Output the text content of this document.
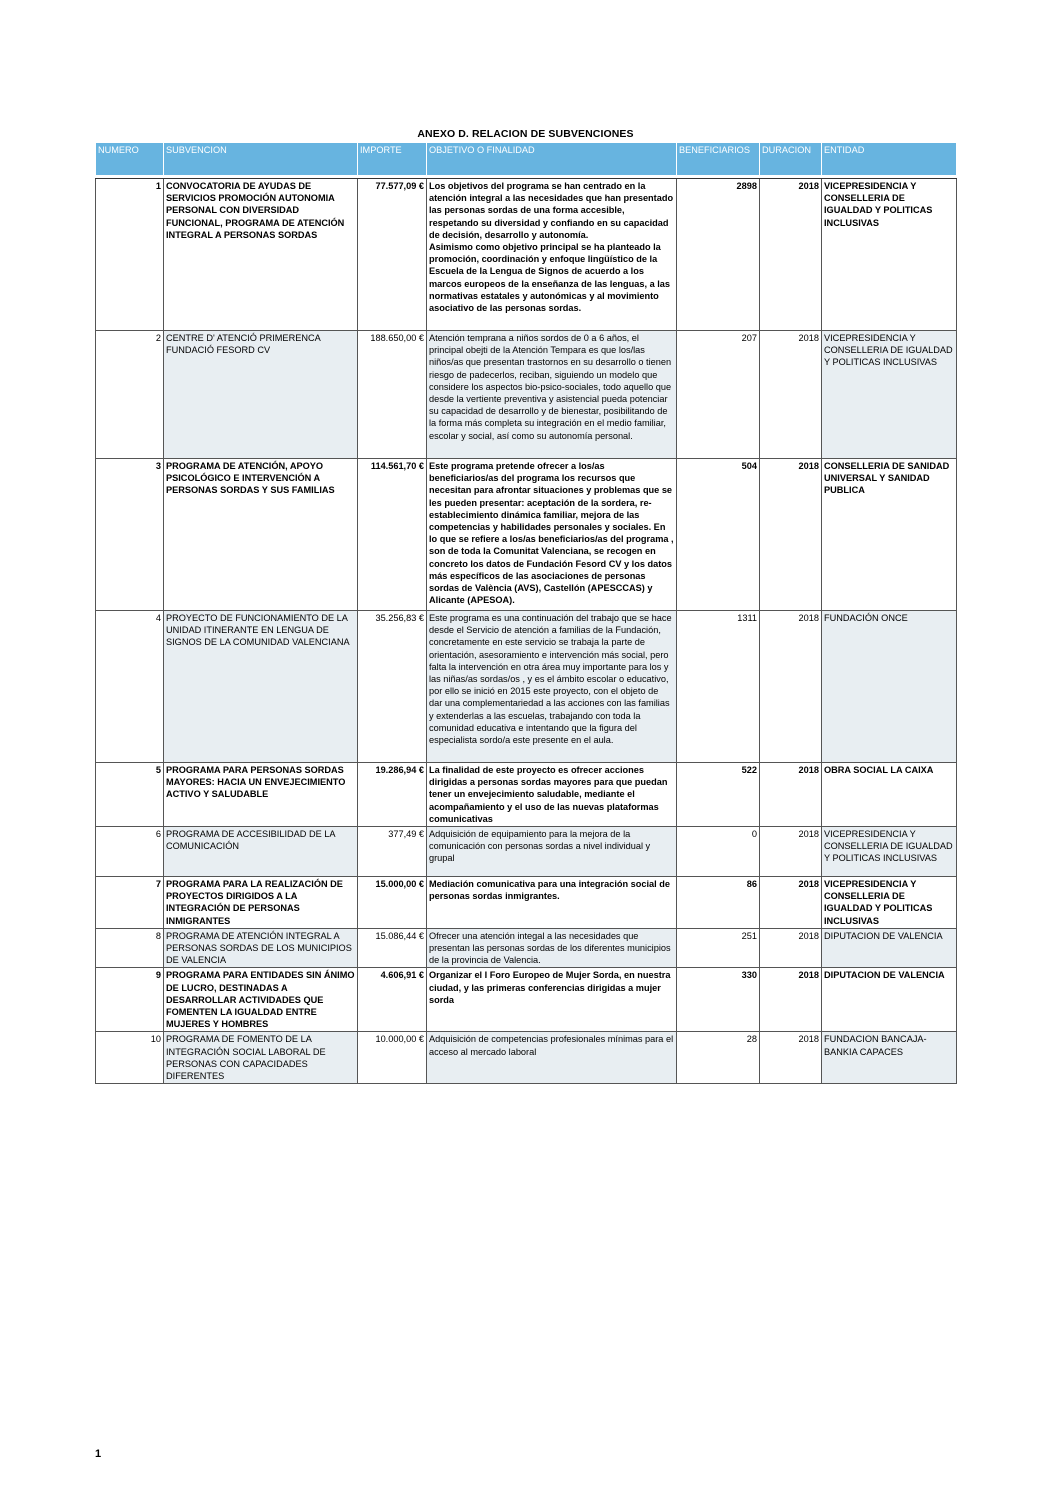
ANEXO D. RELACION DE SUBVENCIONES
NUMERO	SUBVENCION	IMPORTE	OBJETIVO O FINALIDAD	BENEFICIARIOS	DURACION	ENTIDAD

1	CONVOCATORIA DE AYUDAS DE SERVICIOS PROMOCIÓN AUTONOMIA PERSONAL CON DIVERSIDAD FUNCIONAL, PROGRAMA DE ATENCIÓN INTEGRAL A PERSONAS SORDAS	77.577,09 €	Los objetivos del programa se han centrado en la atención integral a las necesidades que han presentado las personas sordas de una forma accesible, respetando su diversidad y confiando en su capacidad de decisión, desarrollo y autonomía.
Asimismo como objetivo principal se ha planteado la promoción, coordinación y enfoque lingüístico de la Escuela de la Lengua de Signos de acuerdo a los marcos europeos de la enseñanza de las lenguas, a las normativas estatales y autonómicas y al movimiento asociativo de las personas sordas.	2898	2018	VICEPRESIDENCIA Y CONSELLERIA DE IGUALDAD Y POLITICAS INCLUSIVAS
2	CENTRE D' ATENCIÓ PRIMERENCA FUNDACIÓ FESORD CV	188.650,00 €	Atención temprana a niños sordos de 0 a 6 años, el principal obejti de la Atención Tempara es que los/las niños/as que presentan trastornos en su desarrollo o tienen riesgo de padecerlos, reciban, siguiendo un modelo que considere los aspectos bio-psico-sociales, todo aquello que desde la vertiente preventiva y asistencial pueda potenciar su capacidad de desarrollo y de bienestar, posibilitando de la forma más completa su integración en el medio familiar, escolar y social, así como su autonomía personal.	207	2018	VICEPRESIDENCIA Y CONSELLERIA DE IGUALDAD Y POLITICAS INCLUSIVAS
3	PROGRAMA DE ATENCIÓN, APOYO PSICOLÓGICO E INTERVENCIÓN A PERSONAS SORDAS Y SUS FAMILIAS	114.561,70 €	Este programa pretende ofrecer a los/as beneficiarios/as del programa los recursos que necesitan para afrontar situaciones y problemas que se les pueden presentar: aceptación de la sordera, re-establecimiento dinámica familiar, mejora de las competencias y habilidades personales y sociales. En lo que se refiere a los/as beneficiarios/as del programa , son de toda la Comunitat Valenciana, se recogen en concreto los datos de Fundación Fesord CV y los datos más específicos de las asociaciones de personas sordas de València (AVS), Castellón (APESCCAS) y Alicante (APESOA).	504	2018	CONSELLERIA DE SANIDAD UNIVERSAL Y SANIDAD PUBLICA
4	PROYECTO DE FUNCIONAMIENTO DE LA UNIDAD ITINERANTE EN LENGUA DE SIGNOS DE LA COMUNIDAD VALENCIANA	35.256,83 €	Este programa es una continuación del trabajo que se hace desde el Servicio de atención a familias de la Fundación, concretamente en este servicio se trabaja la parte de orientación, asesoramiento e intervención más social, pero falta la intervención en otra área muy importante para los y las niñas/as sordas/os , y es el ámbito escolar o educativo, por ello se inició en 2015 este proyecto, con el objeto de dar una complementariedad a las acciones con las familias y extenderlas a las escuelas, trabajando con toda la comunidad educativa e intentando que la figura del especialista sordo/a este presente en el aula.	1311	2018	FUNDACIÓN ONCE
5	PROGRAMA PARA PERSONAS SORDAS MAYORES: HACIA UN ENVEJECIMIENTO ACTIVO Y SALUDABLE	19.286,94 €	La finalidad de este proyecto es ofrecer acciones dirigidas a personas sordas mayores para que puedan tener un envejecimiento saludable, mediante el acompañamiento y el uso de las nuevas plataformas comunicativas	522	2018	OBRA SOCIAL LA CAIXA
6	PROGRAMA DE ACCESIBILIDAD DE LA COMUNICACIÓN	377,49 €	Adquisición de equipamiento para la mejora de la comunicación con personas sordas a nivel individual y grupal	0	2018	VICEPRESIDENCIA Y CONSELLERIA DE IGUALDAD Y POLITICAS INCLUSIVAS
7	PROGRAMA PARA LA REALIZACIÓN DE PROYECTOS DIRIGIDOS A LA INTEGRACIÓN DE PERSONAS INMIGRANTES	15.000,00 €	Mediación comunicativa para una integración social de personas sordas inmigrantes.	86	2018	VICEPRESIDENCIA Y CONSELLERIA DE IGUALDAD Y POLITICAS INCLUSIVAS
8	PROGRAMA DE ATENCIÓN INTEGRAL A PERSONAS SORDAS DE LOS MUNICIPIOS DE VALENCIA	15.086,44 €	Ofrecer una atención integal a las necesidades que presentan las personas sordas de los diferentes municipios de la provincia de Valencia.	251	2018	DIPUTACION DE VALENCIA
9	PROGRAMA PARA ENTIDADES SIN ÁNIMO DE LUCRO, DESTINADAS A DESARROLLAR ACTIVIDADES QUE FOMENTEN LA IGUALDAD ENTRE MUJERES Y HOMBRES	4.606,91 €	Organizar el I Foro Europeo de Mujer Sorda, en nuestra ciudad, y las primeras conferencias dirigidas a mujer sorda	330	2018	DIPUTACION DE VALENCIA
10	PROGRAMA DE FOMENTO DE LA INTEGRACIÓN SOCIAL LABORAL DE PERSONAS CON CAPACIDADES DIFERENTES	10.000,00 €	Adquisición de competencias profesionales mínimas para el acceso al mercado laboral	28	2018	FUNDACION BANCAJA-BANKIA CAPACES
1
